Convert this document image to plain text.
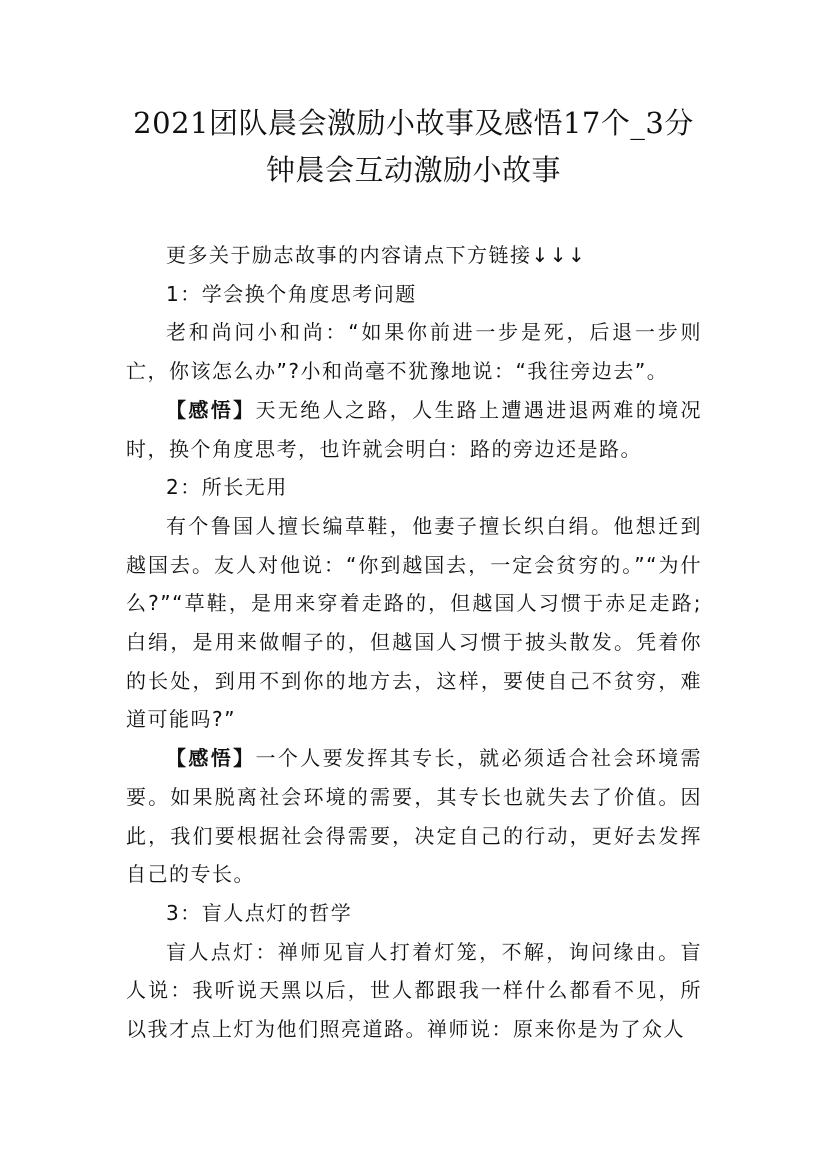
2021团队晨会激励小故事及感悟17个_3分
钟晨会互动激励小故事

更多关于励志故事的内容请点下方链接↓↓↓

1：学会换个角度思考问题

老和尚问小和尚：“如果你前进一步是死，后退一步则亡，你该怎么办”?小和尚毫不犹豫地说：“我往旁边去”。

【感悟】天无绝人之路，人生路上遭遇进退两难的境况时，换个角度思考，也许就会明白：路的旁边还是路。

2：所长无用

有个鲁国人擅长编草鞋，他妻子擅长织白绢。他想迁到越国去。友人对他说：“你到越国去，一定会贫穷的。”“为什么?”“草鞋，是用来穿着走路的，但越国人习惯于赤足走路;白绢，是用来做帽子的，但越国人习惯于披头散发。凭着你的长处，到用不到你的地方去，这样，要使自己不贫穷，难道可能吗?”

【感悟】一个人要发挥其专长，就必须适合社会环境需要。如果脱离社会环境的需要，其专长也就失去了价值。因此，我们要根据社会得需要，决定自己的行动，更好去发挥自己的专长。

3：盲人点灯的哲学

盲人点灯：禅师见盲人打着灯笼，不解，询问缘由。盲人说：我听说天黑以后，世人都跟我一样什么都看不见，所以我才点上灯为他们照亮道路。禅师说：原来你是为了众人
